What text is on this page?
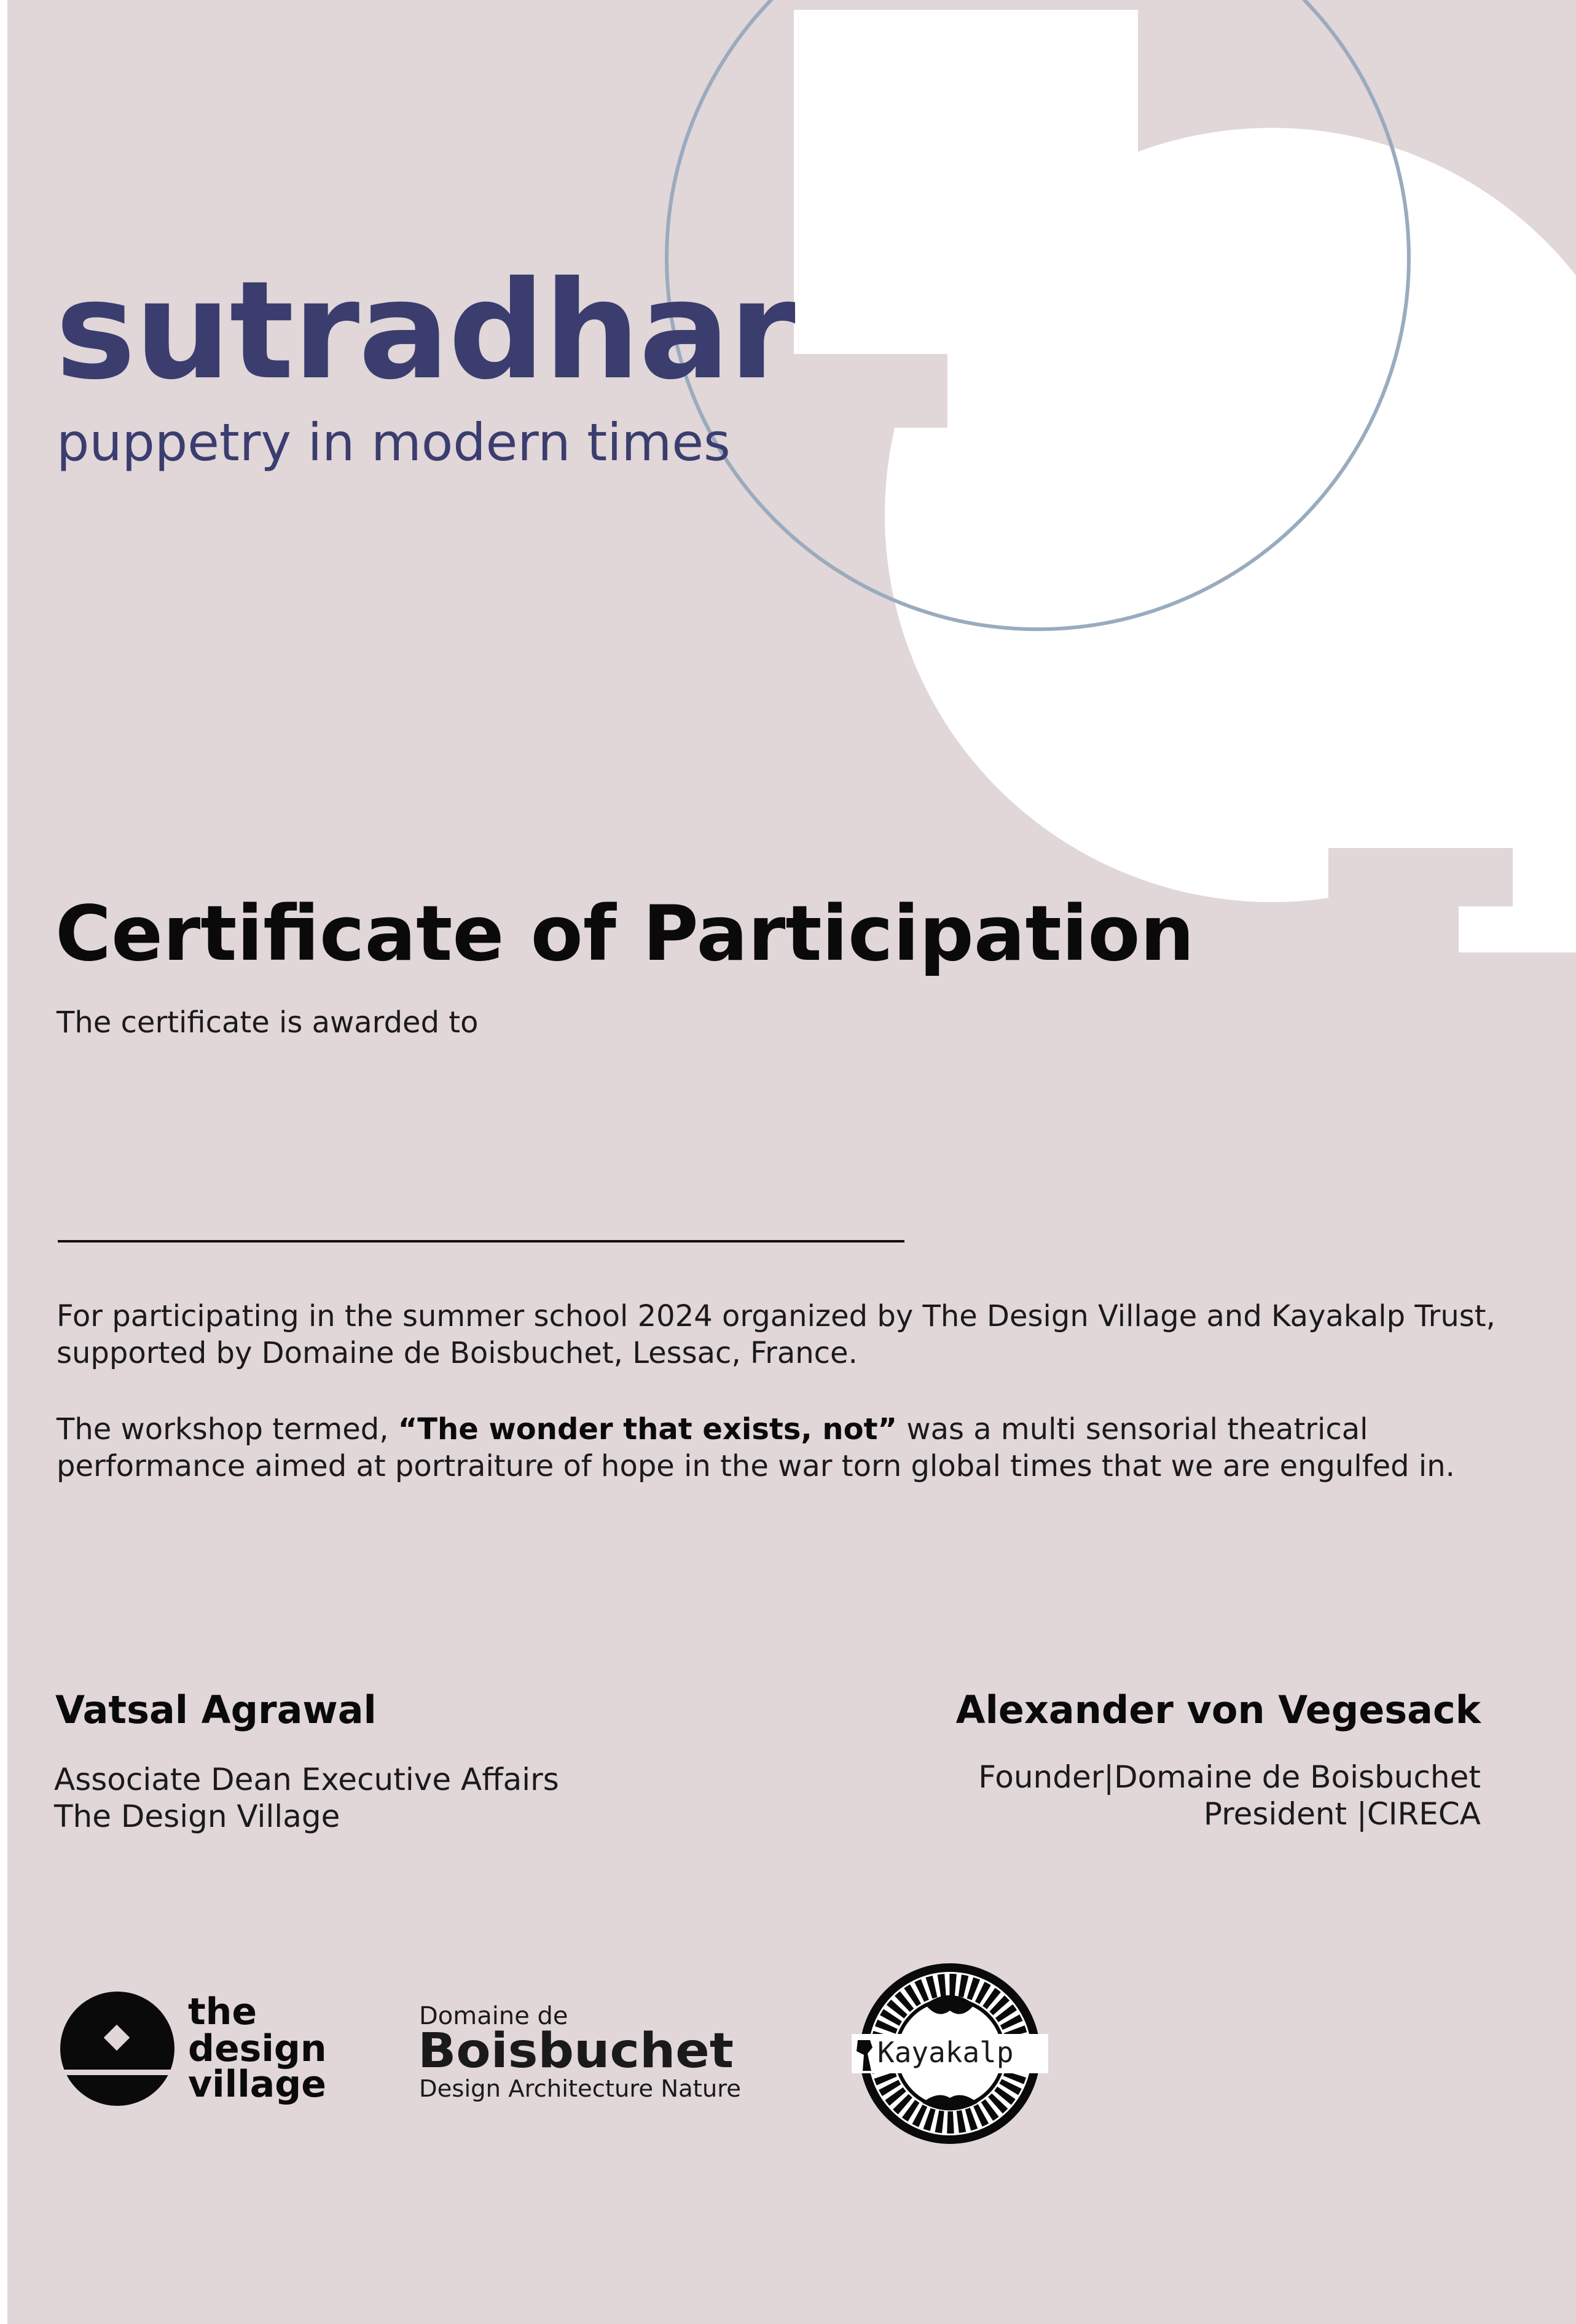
sutradhar
puppetry in modern times
Certificate of Participation
The certificate is awarded to
For participating in the summer school 2024 organized by The Design Village and Kayakalp Trust, supported by Domaine de Boisbuchet, Lessac, France.
The workshop termed, “The wonder that exists, not” was a multi sensorial theatrical performance aimed at portraiture of hope in the war torn global times that we are engulfed in.
Vatsal Agrawal
Associate Dean Executive Affairs
The Design Village
Alexander von Vegesack
Founder|Domaine de Boisbuchet
President |CIRECA
the
design
village
Domaine de
Boisbuchet
Design Architecture Nature
Kayakalp
